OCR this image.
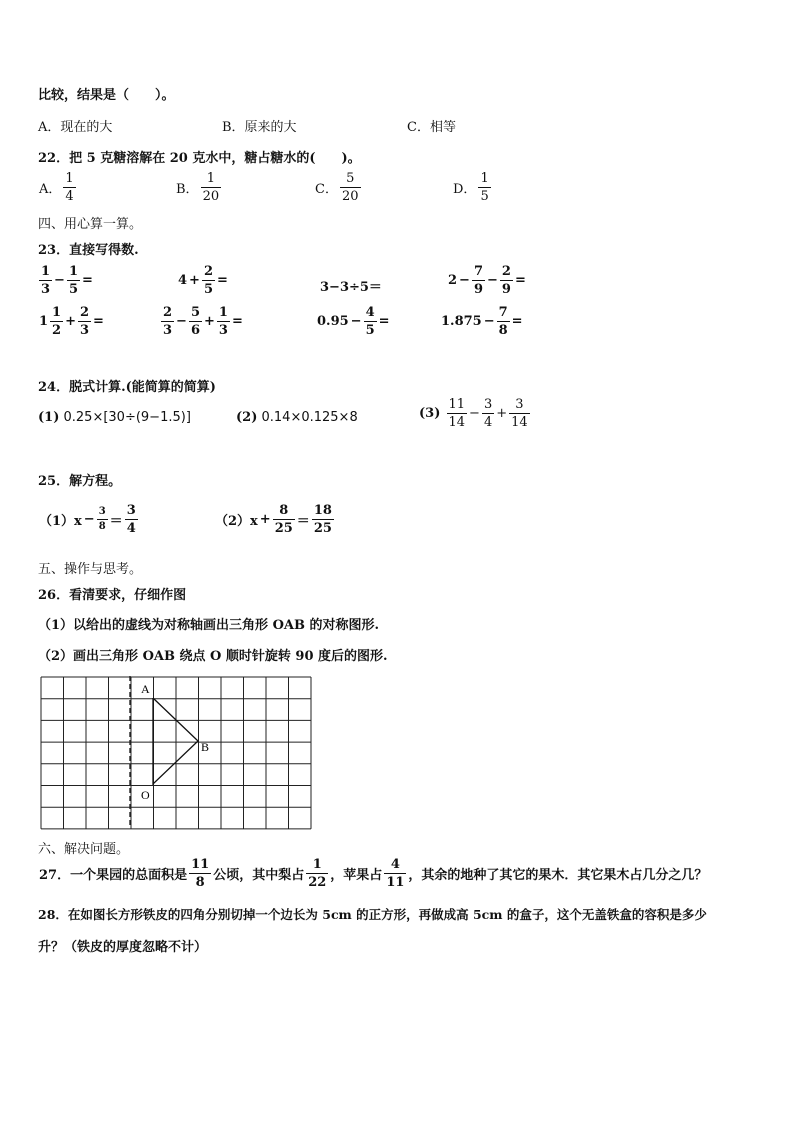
比较，结果是（　　）。
A．现在的大	B．原来的大	C．相等
22．把 5 克糖溶解在 20 克水中，糖占糖水的(　　)。
A． $\frac{1}{4}$	B． $\frac{1}{20}$	C． $\frac{5}{20}$	D． $\frac{1}{5}$
四、用心算一算。
23．直接写得数.
$\frac{1}{3} - \frac{1}{5}$ =	$4 + \frac{2}{5}$ =	3−3÷5＝	$2 - \frac{7}{9} - \frac{2}{9}$ =
$1 \frac{1}{2} + \frac{2}{3}$ =	$\frac{2}{3} - \frac{5}{6} + \frac{1}{3}$ =	$0.95 - \frac{4}{5}$ =	$1.875 - \frac{7}{8}$ =
24．脱式计算.(能简算的简算)
(1) 0.25×[30÷(9−1.5)]	(2) 0.14×0.125×8	$(3) \frac{11}{14} - \frac{3}{4} + \frac{3}{14}$
25．解方程。
$(1)x - \frac{3}{8} = \frac{3}{4}$	$(2)x + \frac{8}{25} = \frac{18}{25}$
五、操作与思考。
26．看清要求，仔细作图
（1）以给出的虚线为对称轴画出三角形 OAB 的对称图形.
（2）画出三角形 OAB 绕点 O 顺时针旋转 90 度后的图形.
A
B
O
六、解决问题。
27．一个果园的总面积是 $\frac{11}{8}$ 公顷，其中梨占 $\frac{1}{22}$ ，苹果占 $\frac{4}{11}$ ，其余的地种了其它的果木．其它果木占几分之几？
28．在如图长方形铁皮的四角分别切掉一个边长为 5cm 的正方形，再做成高 5cm 的盒子，这个无盖铁盒的容积是多少
升？（铁皮的厚度忽略不计）
